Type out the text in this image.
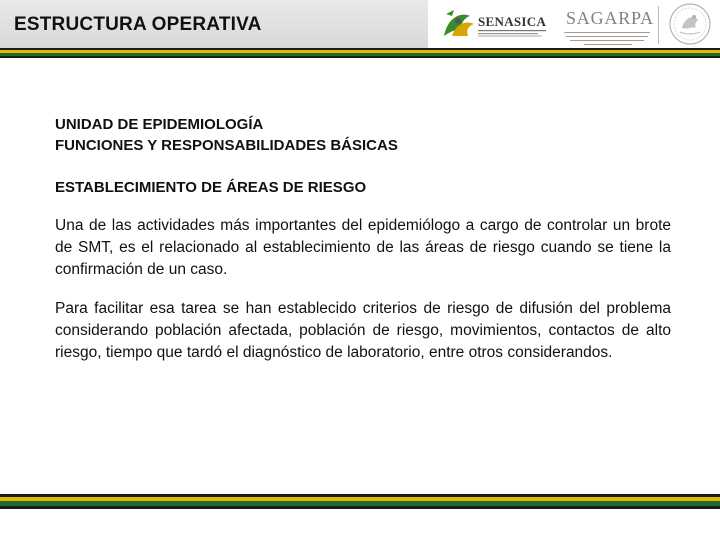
ESTRUCTURA OPERATIVA	SENASICA SAGARPA

UNIDAD DE EPIDEMIOLOGÍA

FUNCIONES Y RESPONSABILIDADES BÁSICAS

ESTABLECIMIENTO DE ÁREAS DE RIESGO

Una de las actividades más importantes del epidemiólogo a cargo de controlar un brote de SMT, es el relacionado al establecimiento de las áreas de riesgo cuando se tiene la confirmación de un caso.

Para facilitar esa tarea se han establecido criterios de riesgo de difusión del problema considerando población afectada, población de riesgo, movimientos, contactos de alto riesgo, tiempo que tardó el diagnóstico de laboratorio, entre otros considerandos.
